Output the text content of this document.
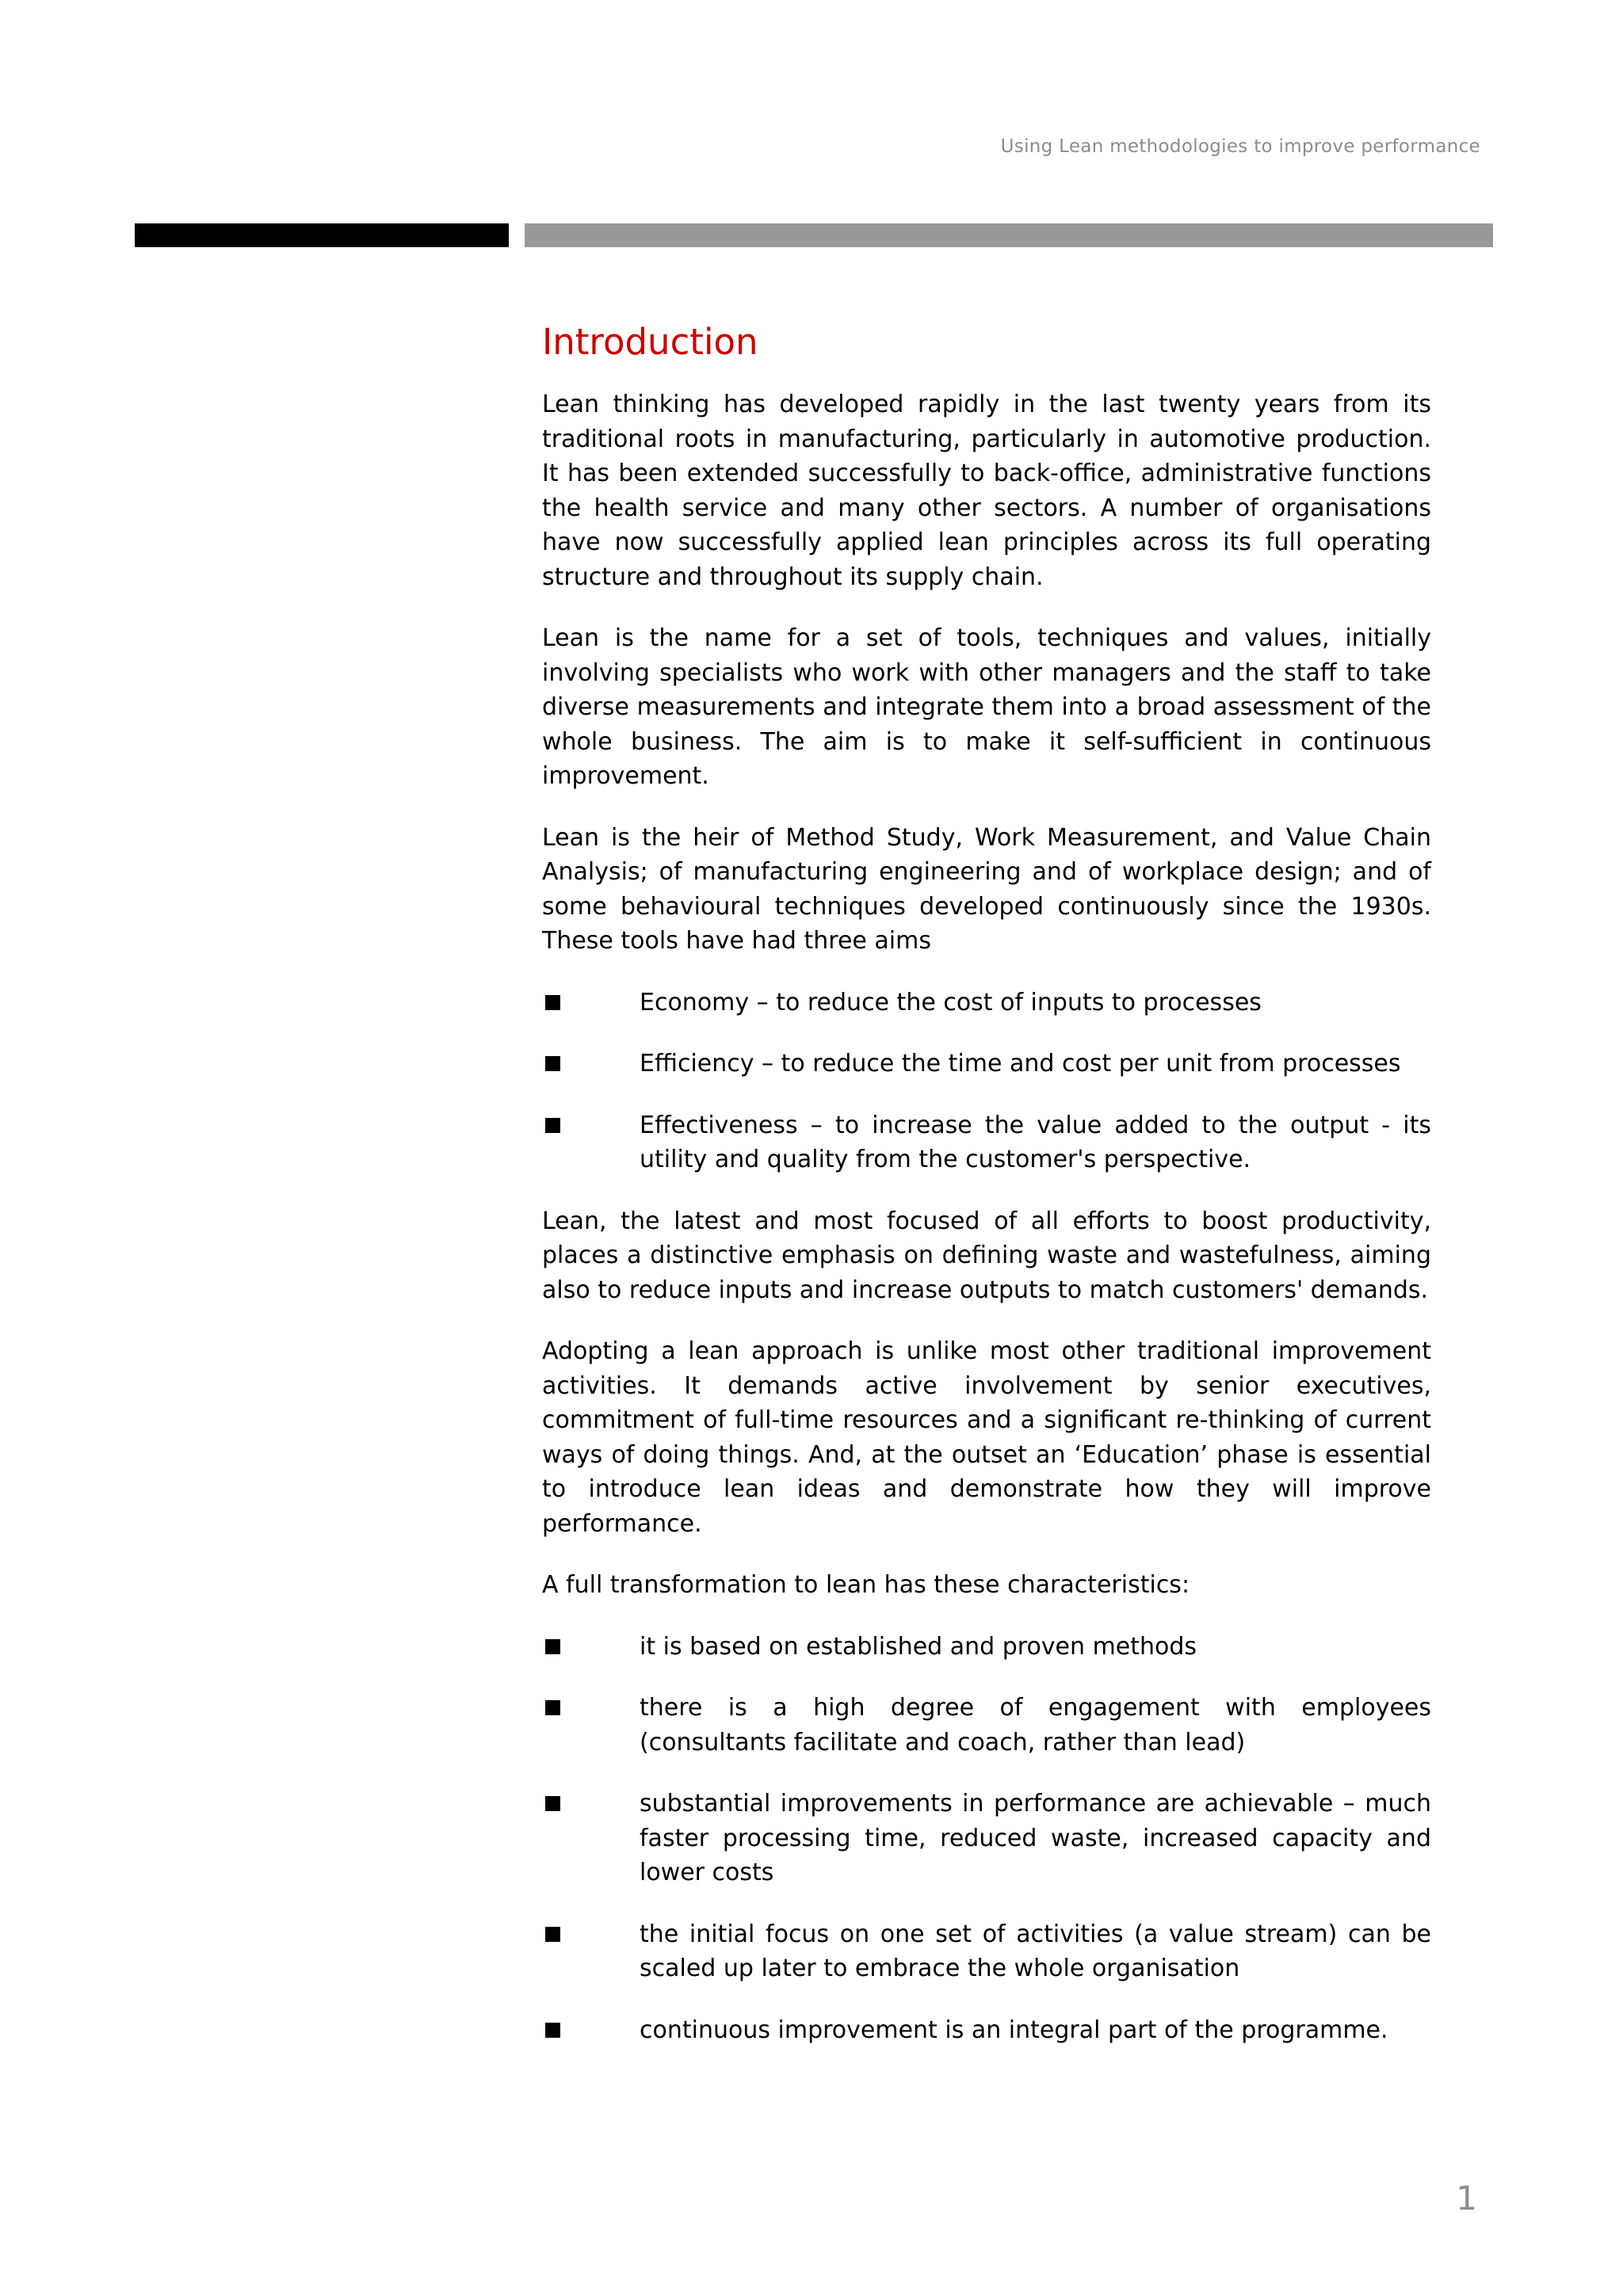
Using Lean methodologies to improve performance
Introduction

Lean thinking has developed rapidly in the last twenty years from its traditional roots in manufacturing, particularly in automotive production. It has been extended successfully to back-office, administrative functions the health service and many other sectors. A number of organisations have now successfully applied lean principles across its full operating structure and throughout its supply chain.

Lean is the name for a set of tools, techniques and values, initially involving specialists who work with other managers and the staff to take diverse measurements and integrate them into a broad assessment of the whole business. The aim is to make it self-sufficient in continuous improvement.

Lean is the heir of Method Study, Work Measurement, and Value Chain Analysis; of manufacturing engineering and of workplace design; and of some behavioural techniques developed continuously since the 1930s. These tools have had three aims

Economy – to reduce the cost of inputs to processes
Efficiency – to reduce the time and cost per unit from processes
Effectiveness – to increase the value added to the output - its utility and quality from the customer's perspective.

Lean, the latest and most focused of all efforts to boost productivity, places a distinctive emphasis on defining waste and wastefulness, aiming also to reduce inputs and increase outputs to match customers' demands.

Adopting a lean approach is unlike most other traditional improvement activities. It demands active involvement by senior executives, commitment of full-time resources and a significant re-thinking of current ways of doing things. And, at the outset an ‘Education’ phase is essential to introduce lean ideas and demonstrate how they will improve performance.

A full transformation to lean has these characteristics:

it is based on established and proven methods
there is a high degree of engagement with employees (consultants facilitate and coach, rather than lead)
substantial improvements in performance are achievable – much faster processing time, reduced waste, increased capacity and lower costs
the initial focus on one set of activities (a value stream) can be scaled up later to embrace the whole organisation
continuous improvement is an integral part of the programme.
1
